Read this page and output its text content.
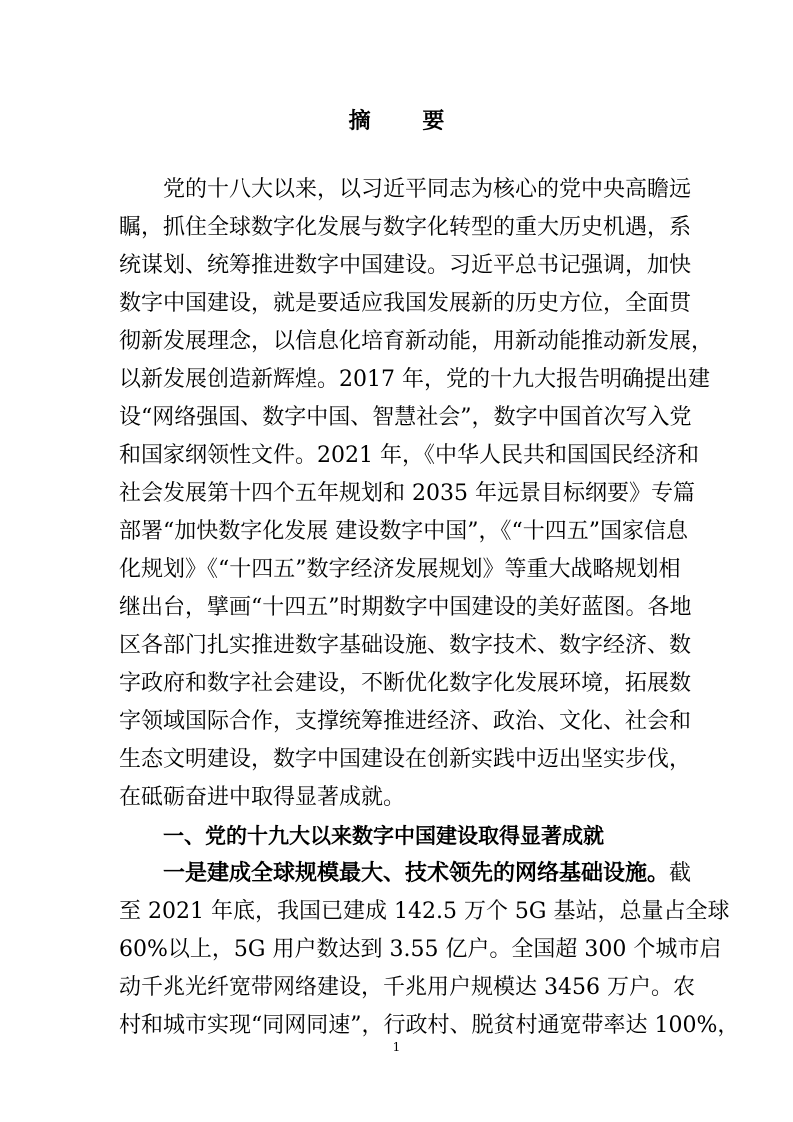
摘 要
党的十八大以来，以习近平同志为核心的党中央高瞻远
瞩，抓住全球数字化发展与数字化转型的重大历史机遇，系
统谋划、统筹推进数字中国建设。习近平总书记强调，加快
数字中国建设，就是要适应我国发展新的历史方位，全面贯
彻新发展理念，以信息化培育新动能，用新动能推动新发展，
以新发展创造新辉煌。2017 年，党的十九大报告明确提出建
设“网络强国、数字中国、智慧社会”，数字中国首次写入党
和国家纲领性文件。2021 年，《中华人民共和国国民经济和
社会发展第十四个五年规划和 2035 年远景目标纲要》专篇
部署“加快数字化发展 建设数字中国”，《“十四五”国家信息
化规划》《“十四五”数字经济发展规划》等重大战略规划相
继出台，擘画“十四五”时期数字中国建设的美好蓝图。各地
区各部门扎实推进数字基础设施、数字技术、数字经济、数
字政府和数字社会建设，不断优化数字化发展环境，拓展数
字领域国际合作，支撑统筹推进经济、政治、文化、社会和
生态文明建设，数字中国建设在创新实践中迈出坚实步伐，
在砥砺奋进中取得显著成就。
一、党的十九大以来数字中国建设取得显著成就
一是建成全球规模最大、技术领先的网络基础设施。截
至 2021 年底，我国已建成 142.5 万个 5G 基站，总量占全球
60%以上，5G 用户数达到 3.55 亿户。全国超 300 个城市启
动千兆光纤宽带网络建设，千兆用户规模达 3456 万户。农
村和城市实现“同网同速”，行政村、脱贫村通宽带率达 100%，
1
